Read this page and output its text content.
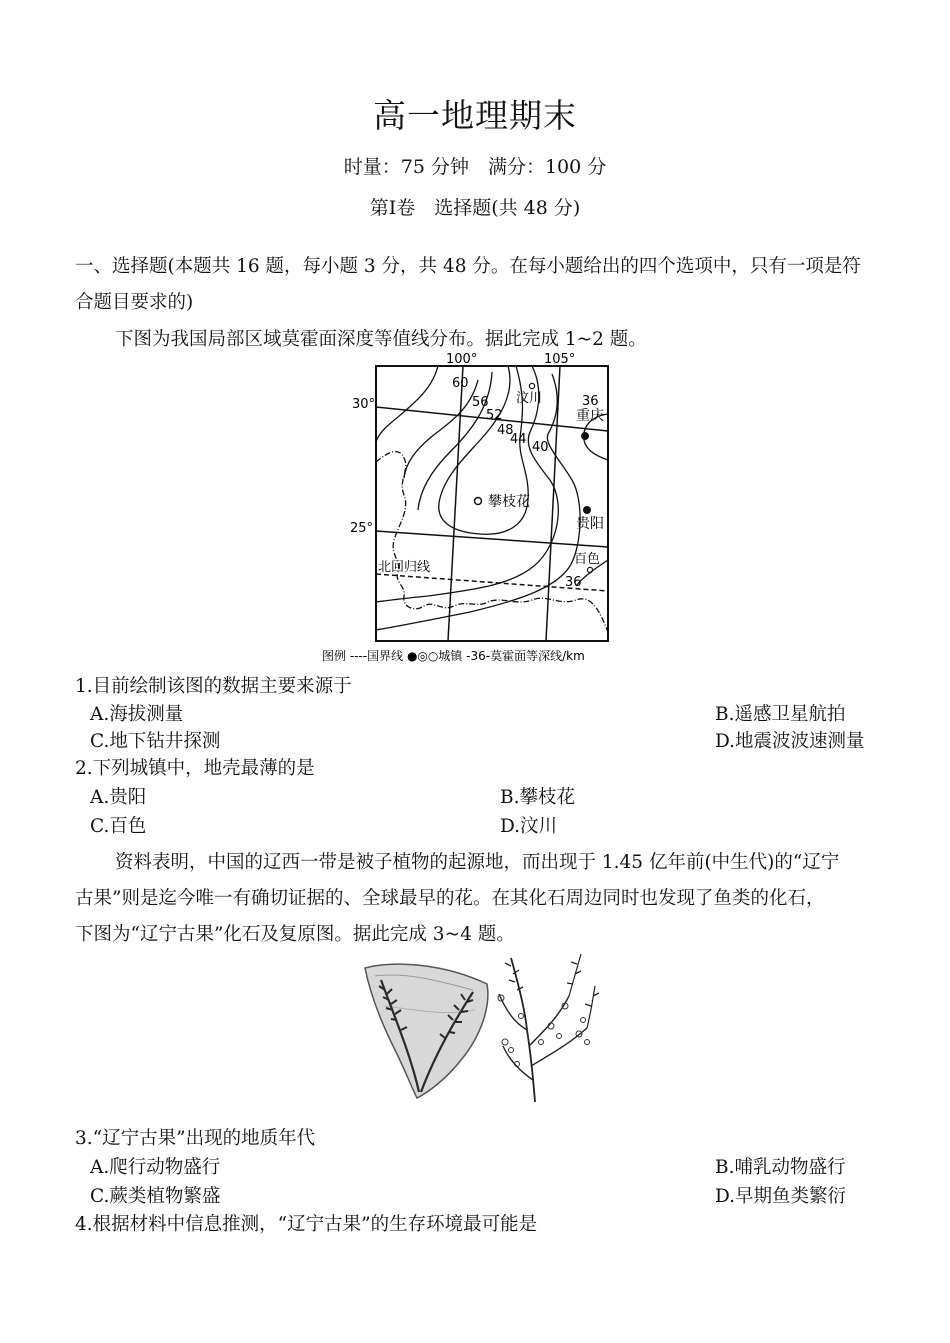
高一地理期末
时量：75 分钟　满分：100 分
第Ⅰ卷　选择题(共 48 分)
一、选择题(本题共 16 题，每小题 3 分，共 48 分。在每小题给出的四个选项中，只有一项是符
合题目要求的)
下图为我国局部区域莫霍面深度等值线分布。据此完成 1~2 题。
60
56
52
48
44
40
36
36
100°	105°
30°
25°
汶川
重庆
攀枝花
贵阳
百色
北回归线
图例 ----国界线 ●◎○城镇 -36-莫霍面等深线/km
1.目前绘制该图的数据主要来源于
A.海拔测量	B.遥感卫星航拍
C.地下钻井探测	D.地震波波速测量
2.下列城镇中，地壳最薄的是
A.贵阳	B.攀枝花
C.百色	D.汶川
资料表明，中国的辽西一带是被子植物的起源地，而出现于 1.45 亿年前(中生代)的“辽宁
古果”则是迄今唯一有确切证据的、全球最早的花。在其化石周边同时也发现了鱼类的化石，
下图为“辽宁古果”化石及复原图。据此完成 3~4 题。
3.“辽宁古果”出现的地质年代
A.爬行动物盛行	B.哺乳动物盛行
C.蕨类植物繁盛	D.早期鱼类繁衍
4.根据材料中信息推测，“辽宁古果”的生存环境最可能是
